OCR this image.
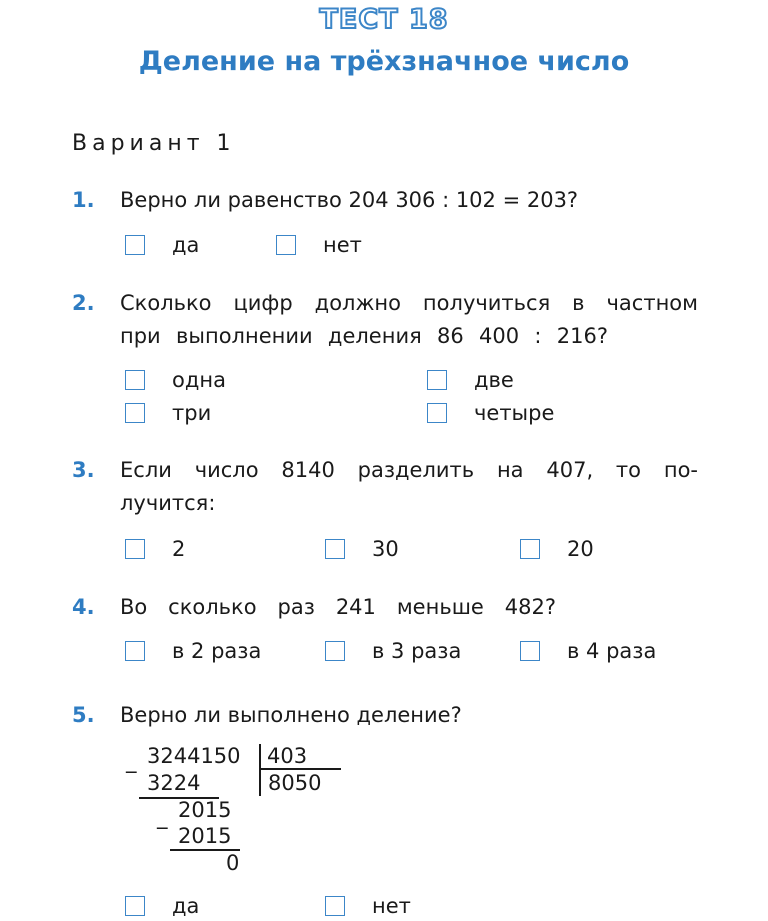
ТЕСТ 18
Деление на трёхзначное число
Вариант 1
1. Верно ли равенство 204 306 : 102 = 203?
да	нет
2. Сколько цифр должно получиться в частном
при выполнении деления 86 400 : 216?
одна	две
три	четыре
3. Если число 8140 разделить на 407, то по-
лучится:
2	30	20
4. Во сколько раз 241 меньше 482?
в 2 раза	в 3 раза	в 4 раза
5. Верно ли выполнено деление?
_ 3244150 403
8050
3224
_ 2015
2015
0
да	нет
